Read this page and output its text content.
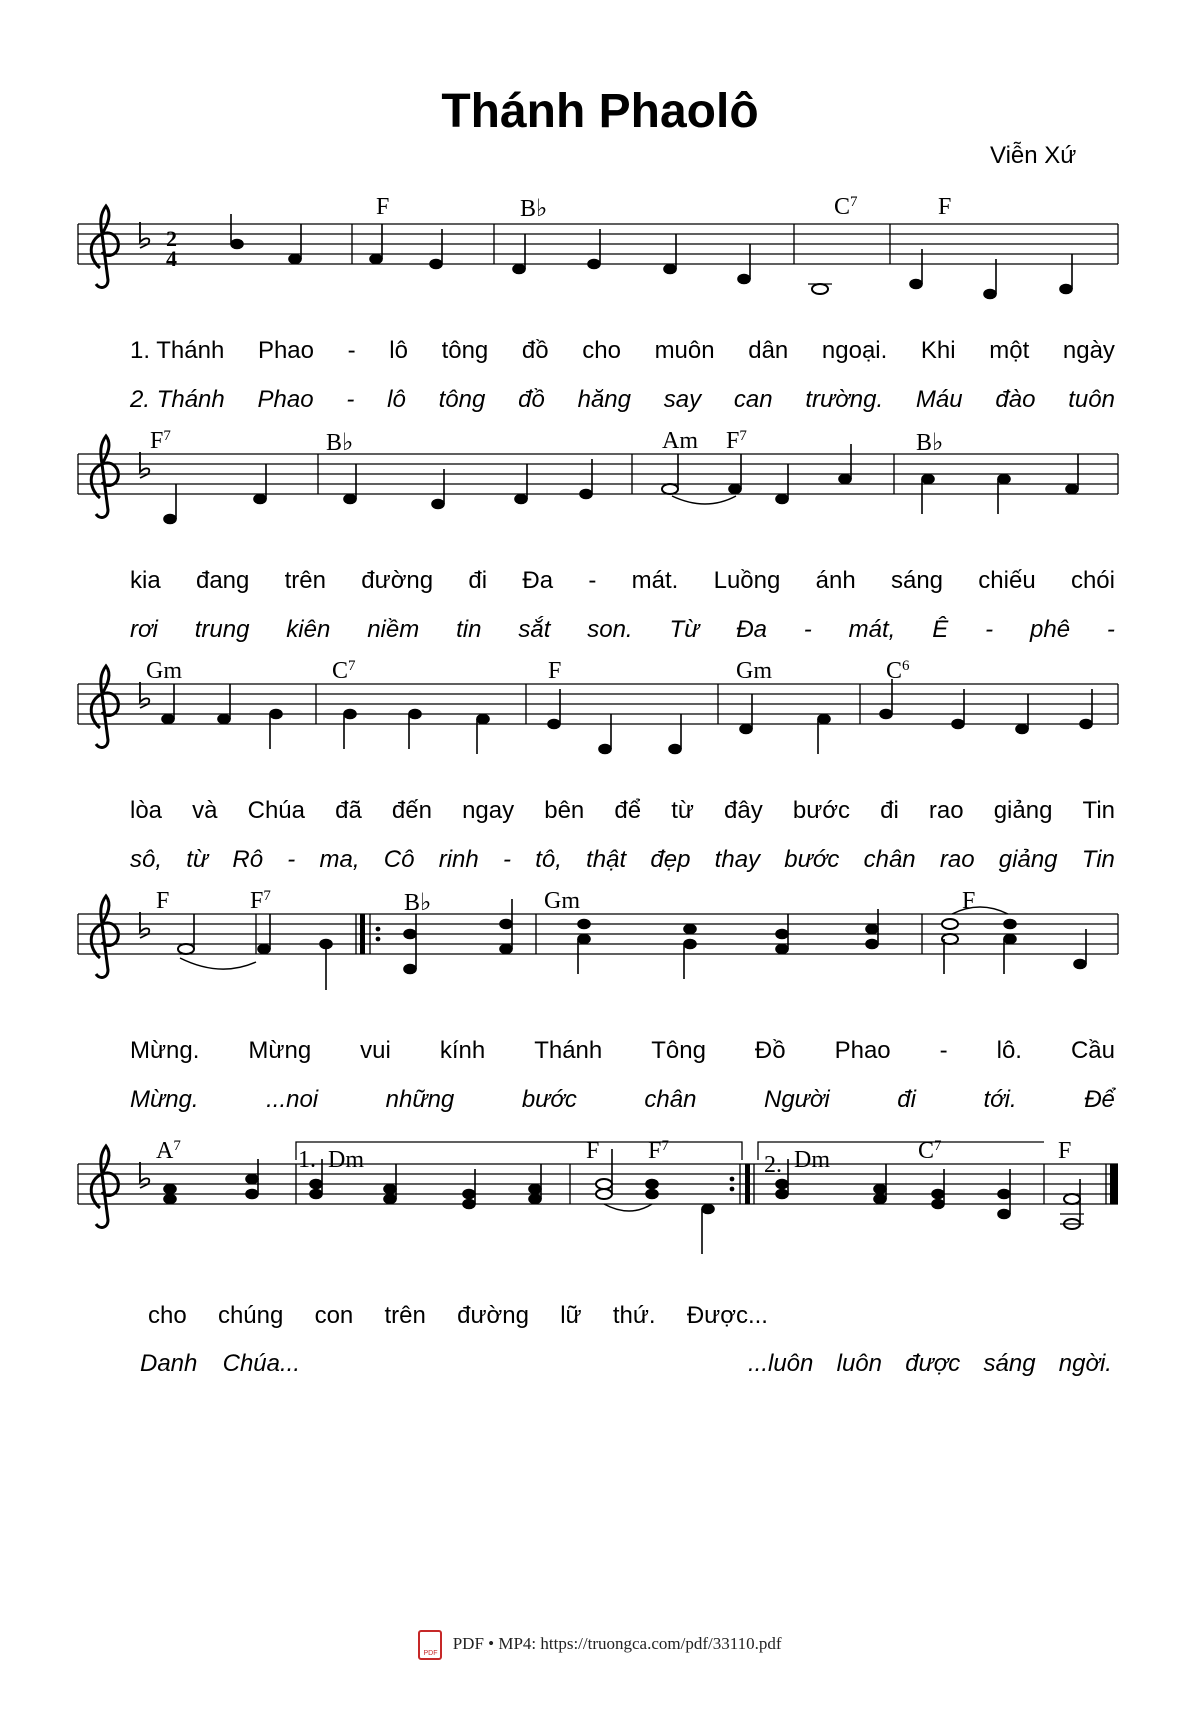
Thánh Phaolô
Viễn Xứ
2
4
1.	2.
F	B♭	$C^7$	F
$F^7$	B♭	Am $F^7$	B♭
Gm	$C^7$	F	Gm	$C^6$
F	$F^7$	B♭	Gm	F
$A^7$
Dm	F $F^7$
Dm	$C^7$	F
1. Thánh Phao - lô tông đồ cho muôn dân ngoại. Khi một ngày
2. Thánh Phao - lô tông đồ hăng say can trường. Máu đào tuôn
kia đang trên đường đi Đa - mát. Luồng ánh sáng chiếu chói
rơi trung kiên niềm tin sắt son. Từ Đa - mát, Ê - phê -
lòa và Chúa đã đến ngay bên để từ đây bước đi rao giảng Tin
sô, từ Rô - ma, Cô rinh - tô, thật đẹp thay bước chân rao giảng Tin
Mừng. Mừng vui kính Thánh Tông Đồ Phao - lô. Cầu
Mừng.	...noi	những	bước	chân	Người	đi	tới.	Để
cho chúng con trên đường lữ thứ. Được...
Danh Chúa...	...luôn luôn được sáng ngời.
PDF
PDF • MP4: https://truongca.com/pdf/33110.pdf
